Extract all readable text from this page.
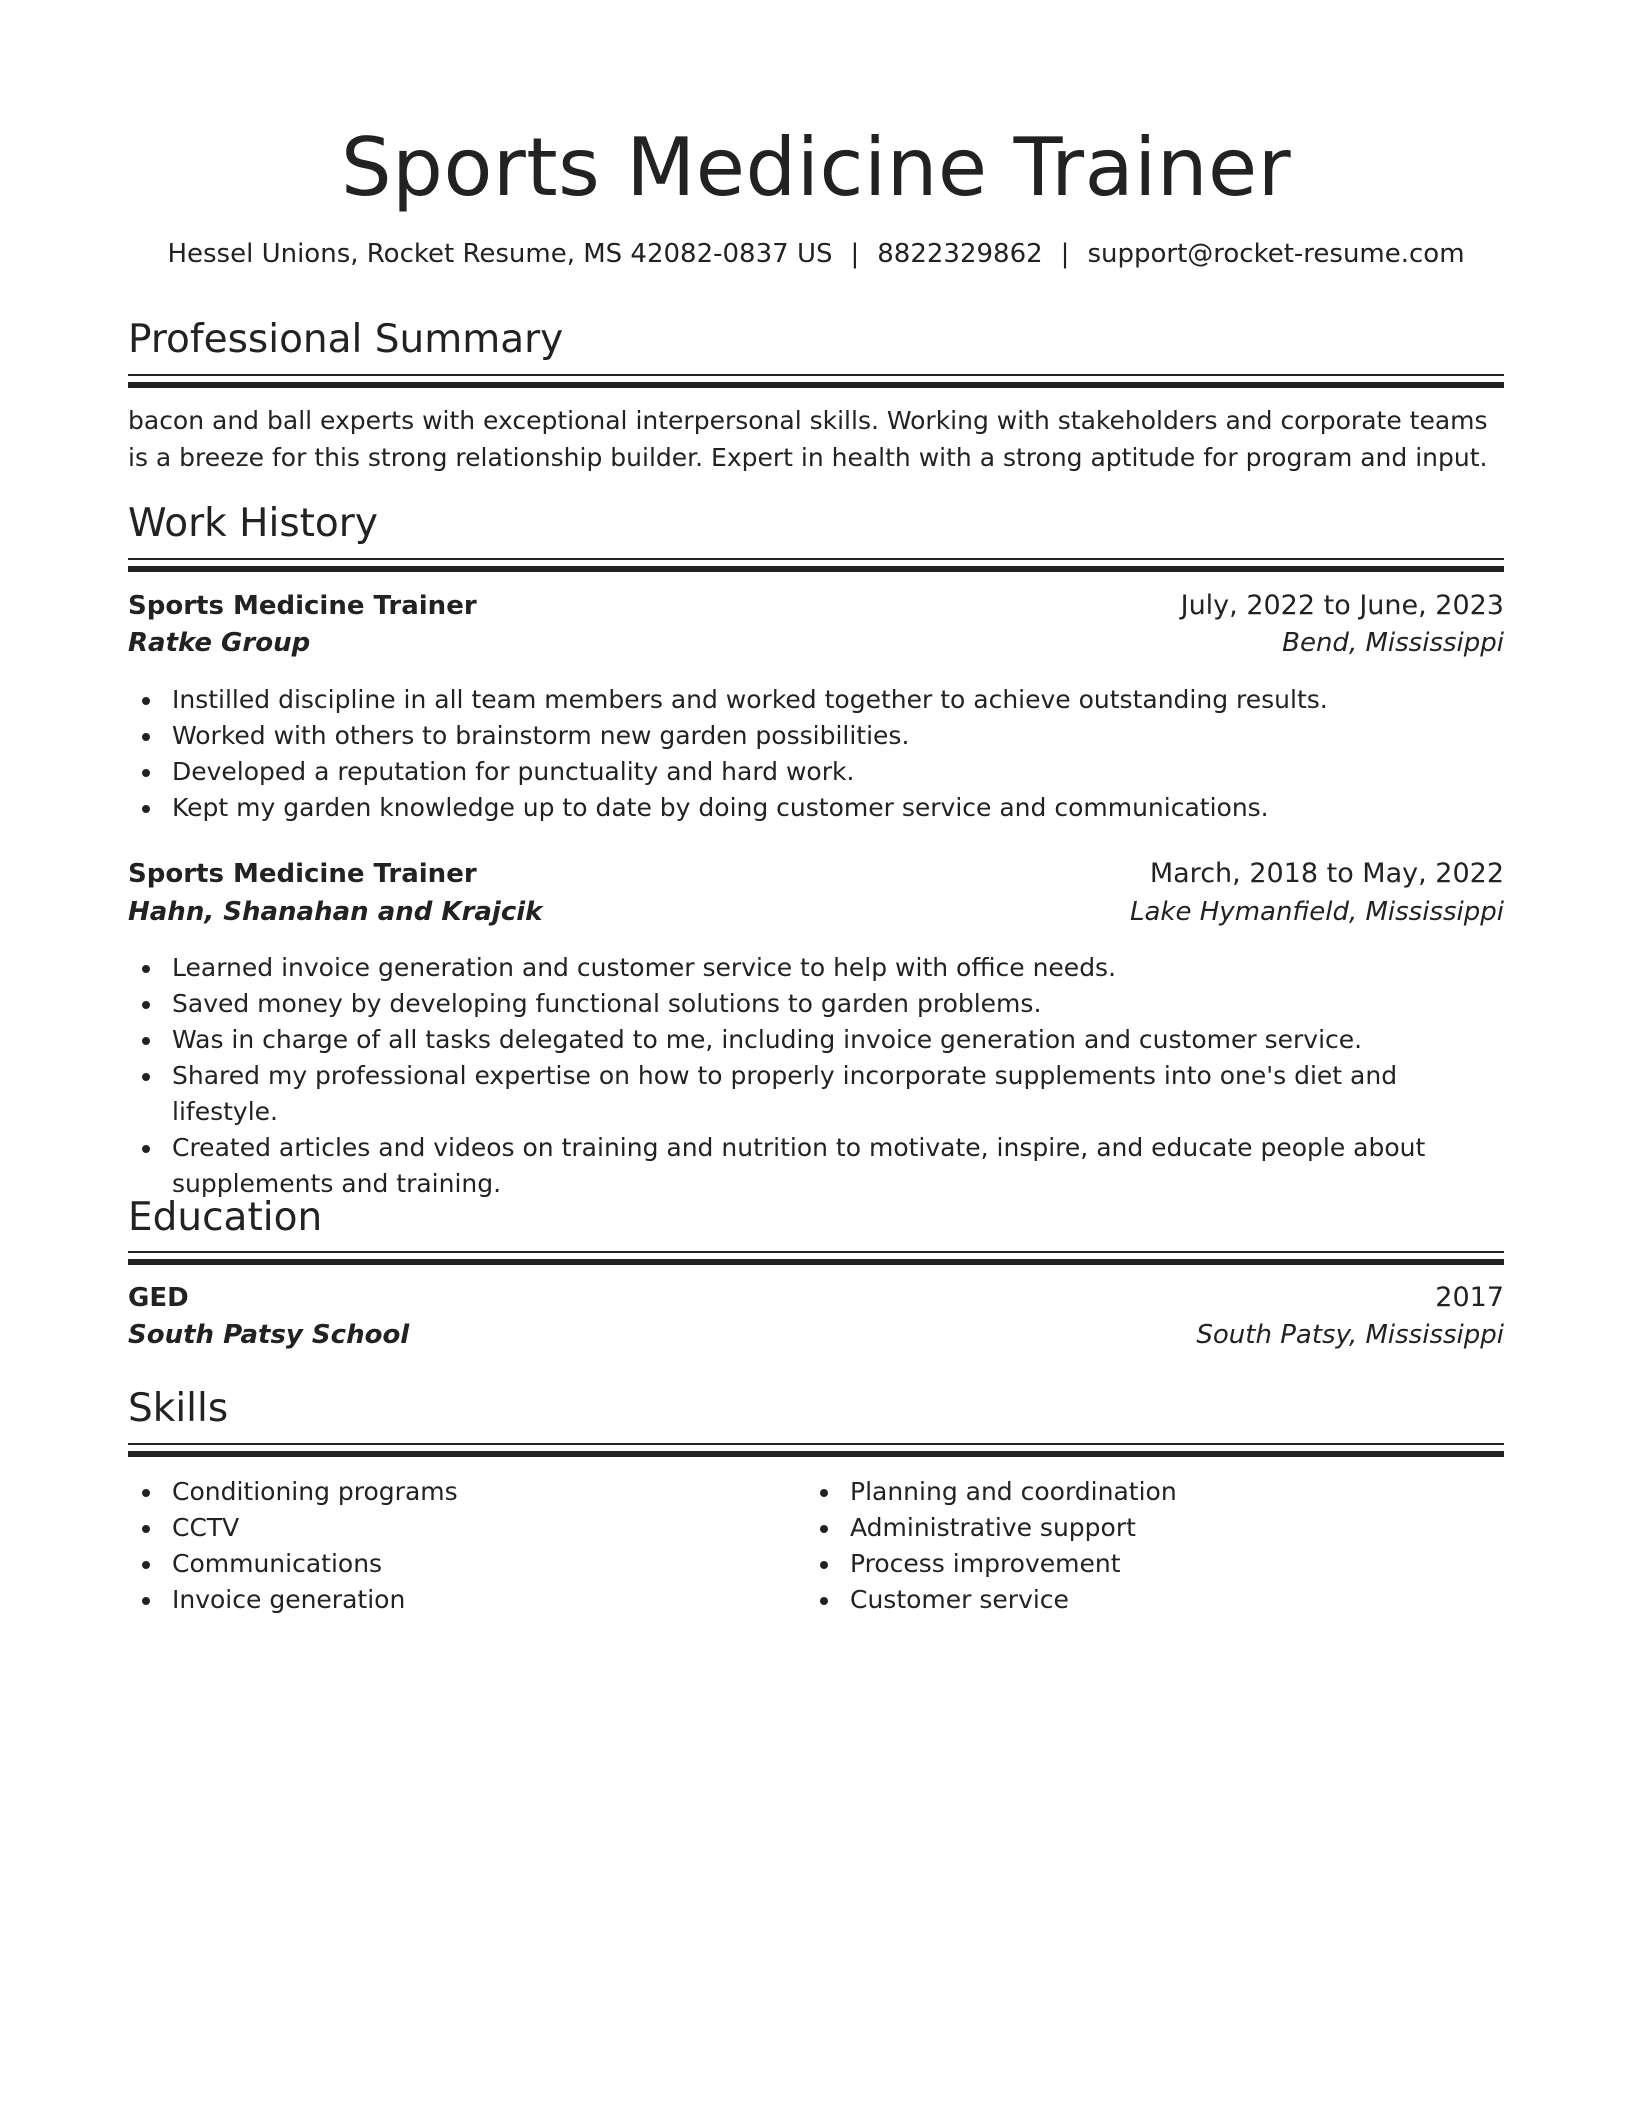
Sports Medicine Trainer
Hessel Unions, Rocket Resume, MS 42082-0837 US | 8822329862 | support@rocket-resume.com
Professional Summary

bacon and ball experts with exceptional interpersonal skills. Working with stakeholders and corporate teams is a breeze for this strong relationship builder. Expert in health with a strong aptitude for program and input.

Work History
Sports Medicine Trainer	July, 2022 to June, 2023
Ratke Group	Bend, Mississippi
Instilled discipline in all team members and worked together to achieve outstanding results.
Worked with others to brainstorm new garden possibilities.
Developed a reputation for punctuality and hard work.
Kept my garden knowledge up to date by doing customer service and communications.
Sports Medicine Trainer	March, 2018 to May, 2022
Hahn, Shanahan and Krajcik	Lake Hymanfield, Mississippi
Learned invoice generation and customer service to help with office needs.
Saved money by developing functional solutions to garden problems.
Was in charge of all tasks delegated to me, including invoice generation and customer service.
Shared my professional expertise on how to properly incorporate supplements into one's diet and lifestyle.
Created articles and videos on training and nutrition to motivate, inspire, and educate people about supplements and training.
Education
GED	2017
South Patsy School	South Patsy, Mississippi
Skills
Conditioning programs
CCTV
Communications
Invoice generation
Planning and coordination
Administrative support
Process improvement
Customer service
